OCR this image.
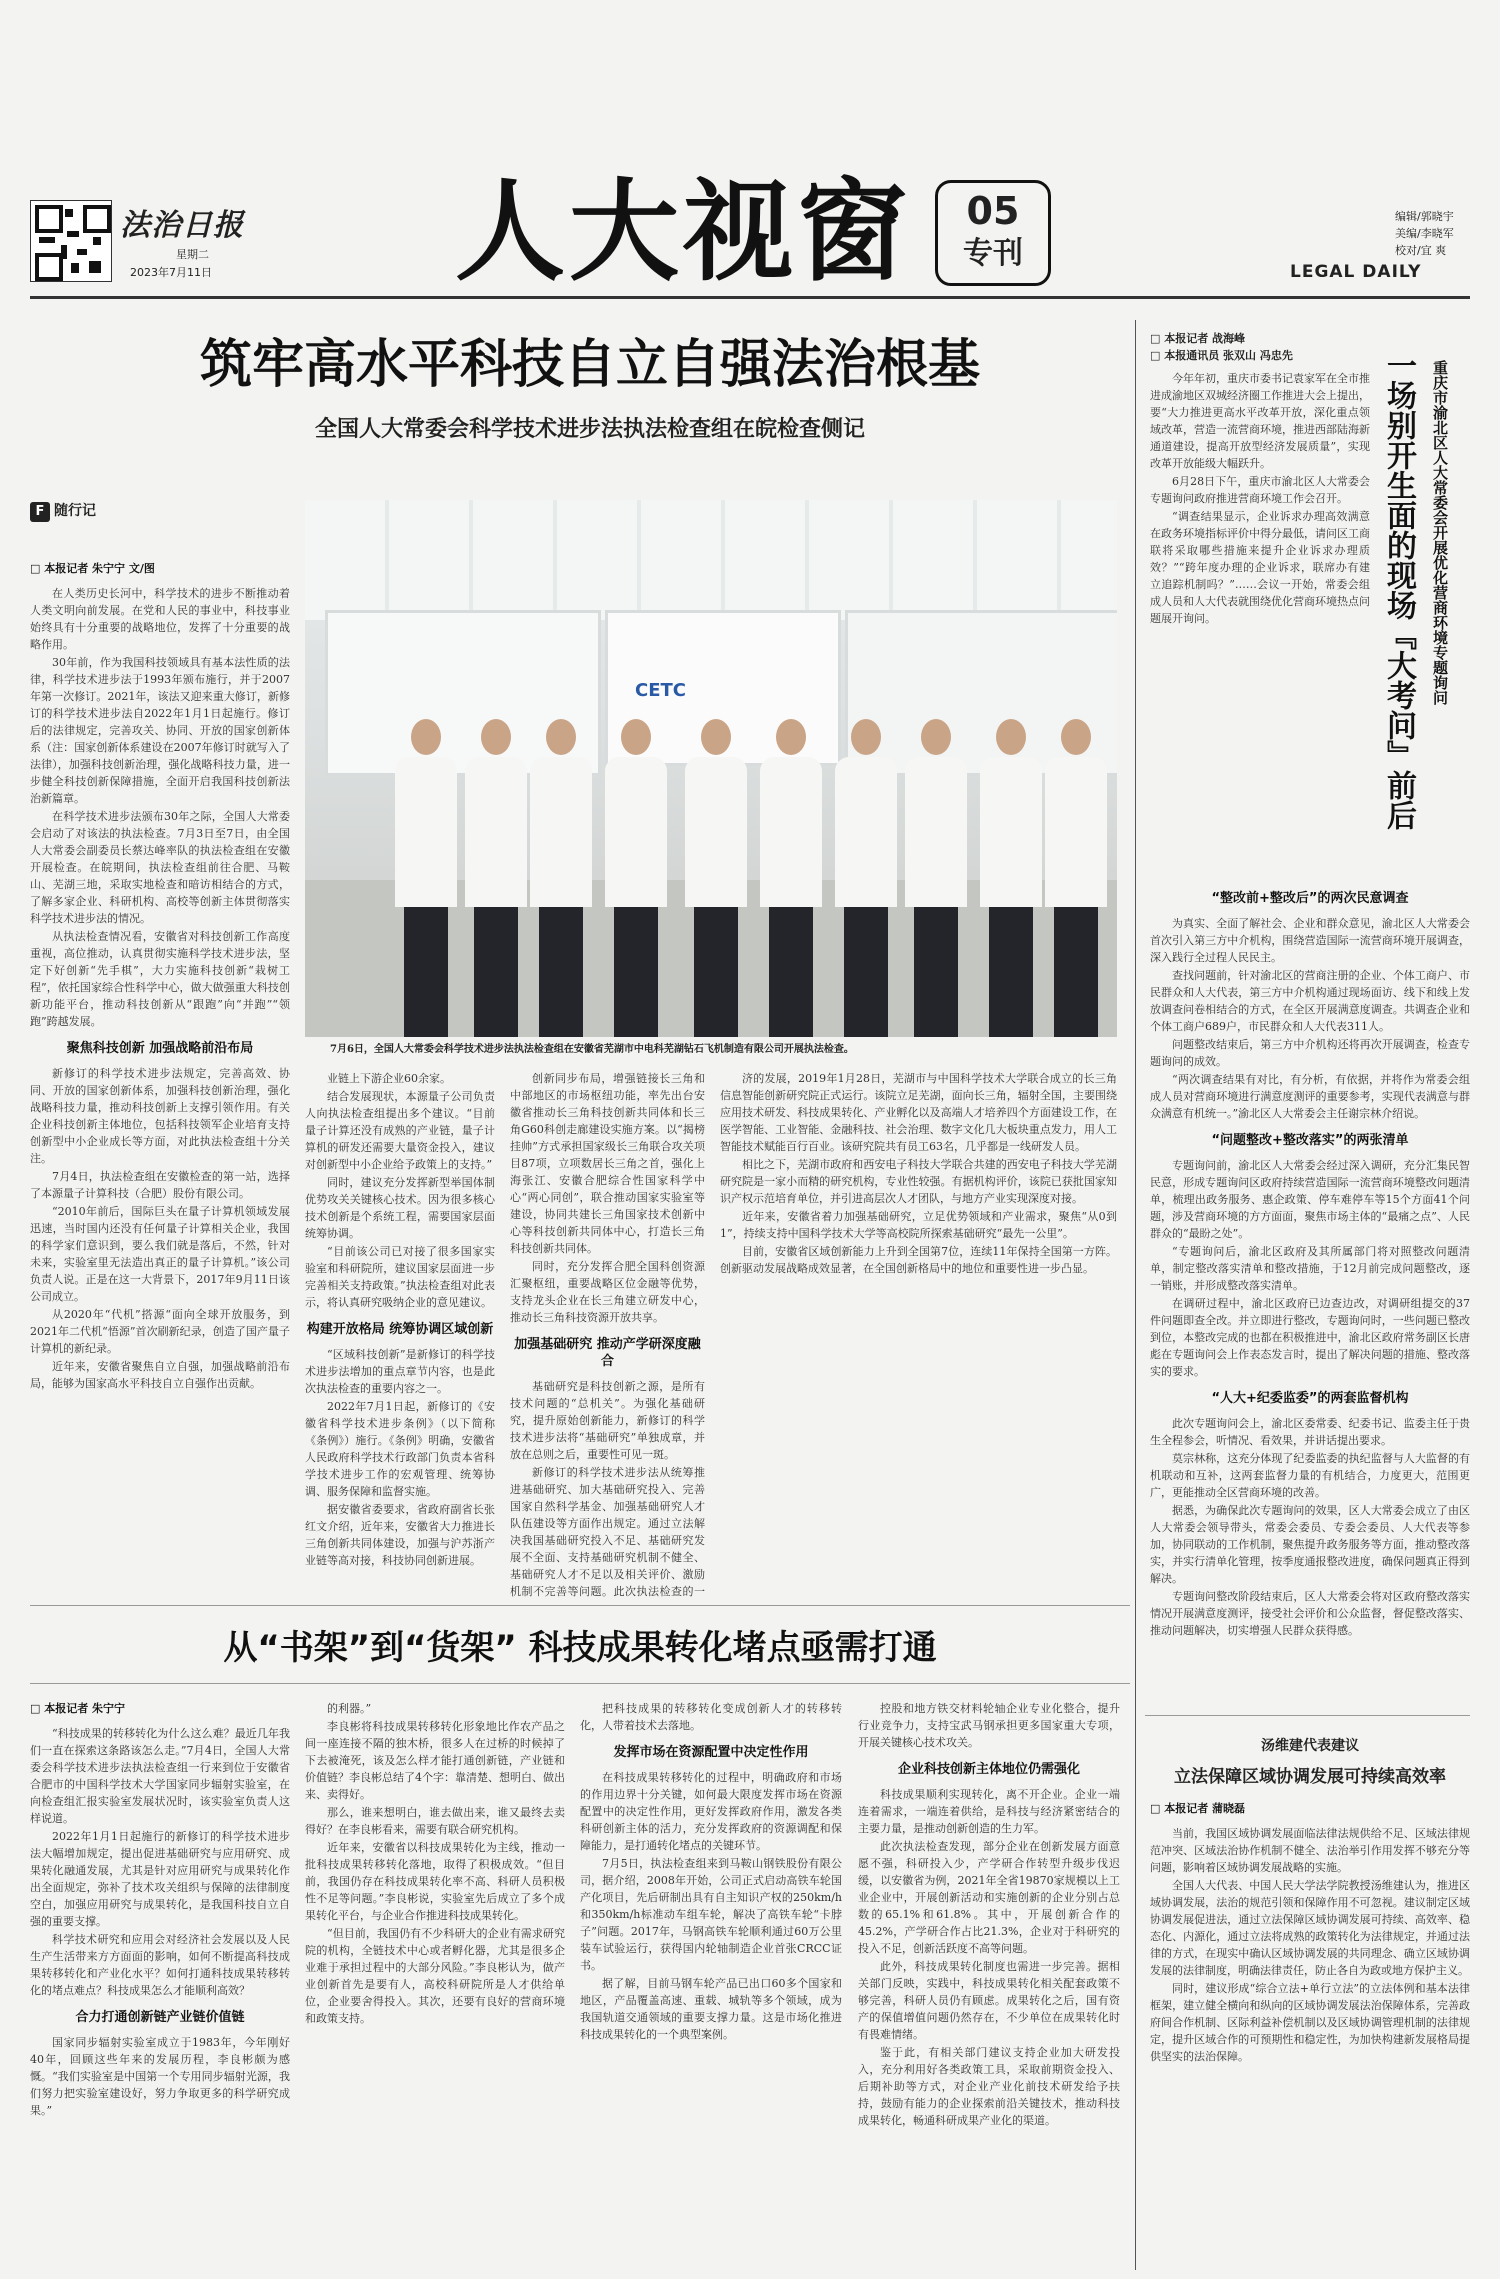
法治日报
星期二
2023年7月11日 人大视窗	05
专刊
编辑/郭晓宇
美编/李晓军
校对/宜 爽
LEGAL DAILY
筑牢高水平科技自立自强法治根基
全国人大常委会科学技术进步法执法检查组在皖检查侧记
F 随行记
□ 本报记者 朱宁宁 文/图

在人类历史长河中，科学技术的进步不断推动着人类文明向前发展。在党和人民的事业中，科技事业始终具有十分重要的战略地位，发挥了十分重要的战略作用。

30年前，作为我国科技领域具有基本法性质的法律，科学技术进步法于1993年颁布施行，并于2007年第一次修订。2021年，该法又迎来重大修订，新修订的科学技术进步法自2022年1月1日起施行。修订后的法律规定，完善攻关、协同、开放的国家创新体系（注：国家创新体系建设在2007年修订时就写入了法律），加强科技创新治理，强化战略科技力量，进一步健全科技创新保障措施，全面开启我国科技创新法治新篇章。

在科学技术进步法颁布30年之际，全国人大常委会启动了对该法的执法检查。7月3日至7日，由全国人大常委会副委员长蔡达峰率队的执法检查组在安徽开展检查。在皖期间，执法检查组前往合肥、马鞍山、芜湖三地，采取实地检查和暗访相结合的方式，了解多家企业、科研机构、高校等创新主体贯彻落实科学技术进步法的情况。

从执法检查情况看，安徽省对科技创新工作高度重视，高位推动，认真贯彻实施科学技术进步法，坚定下好创新“先手棋”，大力实施科技创新“栽树工程”，依托国家综合性科学中心，做大做强重大科技创新功能平台，推动科技创新从“跟跑”向“并跑”“领跑”跨越发展。

聚焦科技创新 加强战略前沿布局

新修订的科学技术进步法规定，完善高效、协同、开放的国家创新体系，加强科技创新治理，强化战略科技力量，推动科技创新上支撑引领作用。有关企业科技创新主体地位，包括科技领军企业培育支持创新型中小企业成长等方面，对此执法检查组十分关注。

7月4日，执法检查组在安徽检查的第一站，选择了本源量子计算科技（合肥）股份有限公司。

“2010年前后，国际巨头在量子计算机领域发展迅速，当时国内还没有任何量子计算相关企业，我国的科学家们意识到，要么我们就是落后，不然，针对未来，实验室里无法造出真正的量子计算机。”该公司负责人说。正是在这一大背景下，2017年9月11日该公司成立。

从2020年“代机”搭源“面向全球开放服务，到2021年二代机“悟源”首次刷新纪录，创造了国产量子计算机的新纪录。

近年来，安徽省聚焦自立自强，加强战略前沿布局，能够为国家高水平科技自立自强作出贡献。

CETC
7月6日，全国人大常委会科学技术进步法执法检查组在安徽省芜湖市中电科芜湖钻石飞机制造有限公司开展执法检查。

业链上下游企业60余家。

结合发展现状，本源量子公司负责人向执法检查组提出多个建议。“目前量子计算还没有成熟的产业链，量子计算机的研发还需要大量资金投入，建议对创新型中小企业给予政策上的支持。”

同时，建议充分发挥新型举国体制优势攻关关键核心技术。因为很多核心技术创新是个系统工程，需要国家层面统筹协调。

“目前该公司已对接了很多国家实验室和科研院所，建议国家层面进一步完善相关支持政策。”执法检查组对此表示，将认真研究吸纳企业的意见建议。

构建开放格局 统筹协调区域创新

“区域科技创新”是新修订的科学技术进步法增加的重点章节内容，也是此次执法检查的重要内容之一。

2022年7月1日起，新修订的《安徽省科学技术进步条例》（以下简称《条例》）施行。《条例》明确，安徽省人民政府科学技术行政部门负责本省科学技术进步工作的宏观管理、统筹协调、服务保障和监督实施。

据安徽省委要求，省政府副省长张红文介绍，近年来，安徽省大力推进长三角创新共同体建设，加强与沪苏浙产业链等高对接，科技协同创新进展。

创新同步布局，增强链接长三角和中部地区的市场枢纽功能，率先出台安徽省推动长三角科技创新共同体和长三角G60科创走廊建设实施方案。以“揭榜挂帅”方式承担国家级长三角联合攻关项目87项，立项数居长三角之首，强化上海张江、安徽合肥综合性国家科学中心“两心同创”，联合推动国家实验室等建设，协同共建长三角国家技术创新中心等科技创新共同体中心，打造长三角科技创新共同体。

同时，充分发挥合肥全国科创资源汇聚枢纽，重要战略区位金融等优势，支持龙头企业在长三角建立研发中心，推动长三角科技资源开放共享。

加强基础研究 推动产学研深度融合

基础研究是科技创新之源，是所有技术问题的“总机关”。为强化基础研究，提升原始创新能力，新修订的科学技术进步法将“基础研究”单独成章，并放在总则之后，重要性可见一斑。

新修订的科学技术进步法从统筹推进基础研究、加大基础研究投入、完善国家自然科学基金、加强基础研究人才队伍建设等方面作出规定。通过立法解决我国基础研究投入不足、基础研究发展不全面、支持基础研究机制不健全、基础研究人才不足以及相关评价、激励机制不完善等问题。此次执法检查的一

济的发展，2019年1月28日，芜湖市与中国科学技术大学联合成立的长三角信息智能创新研究院正式运行。该院立足芜湖，面向长三角，辐射全国，主要围绕应用技术研发、科技成果转化、产业孵化以及高端人才培养四个方面建设工作，在医学智能、工业智能、金融科技、社会治理、数字文化几大板块重点发力，用人工智能技术赋能百行百业。该研究院共有员工63名，几乎都是一线研发人员。

相比之下，芜湖市政府和西安电子科技大学联合共建的西安电子科技大学芜湖研究院是一家小而精的研究机构，专业性较强。有据机构评价，该院已获批国家知识产权示范培育单位，并引进高层次人才团队，与地方产业实现深度对接。

近年来，安徽省着力加强基础研究，立足优势领域和产业需求，聚焦“从0到1”，持续支持中国科学技术大学等高校院所探索基础研究“最先一公里”。

目前，安徽省区域创新能力上升到全国第7位，连续11年保持全国第一方阵。创新驱动发展战略成效显著，在全国创新格局中的地位和重要性进一步凸显。

从“书架”到“货架” 科技成果转化堵点亟需打通
□ 本报记者 朱宁宁

“科技成果的转移转化为什么这么难？最近几年我们一直在探索这条路该怎么走。”7月4日，全国人大常委会科学技术进步法执法检查组一行来到位于安徽省合肥市的中国科学技术大学国家同步辐射实验室，在向检查组汇报实验室发展状况时，该实验室负责人这样说道。

2022年1月1日起施行的新修订的科学技术进步法大幅增加规定，提出促进基础研究与应用研究、成果转化融通发展，尤其是针对应用研究与成果转化作出全面规定，弥补了技术攻关组织与保障的法律制度空白，加强应用研究与成果转化，是我国科技自立自强的重要支撑。

科学技术研究和应用会对经济社会发展以及人民生产生活带来方方面面的影响，如何不断提高科技成果转移转化和产业化水平？如何打通科技成果转移转化的堵点难点？科技成果怎么才能顺利高效？

合力打通创新链产业链价值链

国家同步辐射实验室成立于1983年，今年刚好40年，回顾这些年来的发展历程，李良彬颇为感慨。“我们实验室是中国第一个专用同步辐射光源，我们努力把实验室建设好，努力争取更多的科学研究成果。”

的利器。”

李良彬将科技成果转移转化形象地比作农产品之间一座连接不隔的独木桥，很多人在过桥的时候掉了下去被淹死，该及怎么样才能打通创新链，产业链和价值链？李良彬总结了4个字：靠清楚、想明白、做出来、卖得好。

那么，谁来想明白，谁去做出来，谁又最终去卖得好？在李良彬看来，需要有联合研究机构。

近年来，安徽省以科技成果转化为主线，推动一批科技成果转移转化落地，取得了积极成效。“但目前，我国仍存在科技成果转化率不高、科研人员积极性不足等问题。”李良彬说，实验室先后成立了多个成果转化平台，与企业合作推进科技成果转化。

“但目前，我国仍有不少科研大的企业有需求研究院的机构，全链技术中心或者孵化器，尤其是很多企业难于承担过程中的大部分风险。”李良彬认为，做产业创新首先是要有人，高校科研院所是人才供给单位，企业要舍得投入。其次，还要有良好的营商环境和政策支持。

把科技成果的转移转化变成创新人才的转移转化，人带着技术去落地。

发挥市场在资源配置中决定性作用

在科技成果转移转化的过程中，明确政府和市场的作用边界十分关键，如何最大限度发挥市场在资源配置中的决定性作用，更好发挥政府作用，激发各类科研创新主体的活力，充分发挥政府的资源调配和保障能力，是打通转化堵点的关键环节。

7月5日，执法检查组来到马鞍山钢铁股份有限公司，据介绍，2008年开始，公司正式启动高铁车轮国产化项目，先后研制出具有自主知识产权的250km/h和350km/h标准动车组车轮，解决了高铁车轮“卡脖子”问题。2017年，马钢高铁车轮顺利通过60万公里装车试验运行，获得国内轮轴制造企业首张CRCC证书。

据了解，目前马钢车轮产品已出口60多个国家和地区，产品覆盖高速、重载、城轨等多个领域，成为我国轨道交通领域的重要支撑力量。这是市场化推进科技成果转化的一个典型案例。

控股和地方铁交材料轮轴企业专业化整合，提升行业竞争力，支持宝武马钢承担更多国家重大专项，开展关键核心技术攻关。

企业科技创新主体地位仍需强化

科技成果顺利实现转化，离不开企业。企业一端连着需求，一端连着供给，是科技与经济紧密结合的主要力量，是推动创新创造的生力军。

此次执法检查发现，部分企业在创新发展方面意愿不强，科研投入少，产学研合作转型升级步伐迟缓，以安徽省为例，2021年全省19870家规模以上工业企业中，开展创新活动和实施创新的企业分别占总数的65.1%和61.8%。其中，开展创新合作的45.2%，产学研合作占比21.3%，企业对于科研究的投入不足，创新活跃度不高等问题。

此外，科技成果转化制度也需进一步完善。据相关部门反映，实践中，科技成果转化相关配套政策不够完善，科研人员仍有顾虑。成果转化之后，国有资产的保值增值问题仍然存在，不少单位在成果转化时有畏难情绪。

鉴于此，有相关部门建议支持企业加大研发投入，充分利用好各类政策工具，采取前期资金投入、后期补助等方式，对企业产业化前技术研发给予扶持，鼓励有能力的企业探索前沿关键技术，推动科技成果转化，畅通科研成果产业化的渠道。

□ 本报记者 战海峰
□ 本报通讯员 张双山 冯忠先

今年年初，重庆市委书记袁家军在全市推进成渝地区双城经济圈工作推进大会上提出，要“大力推进更高水平改革开放，深化重点领域改革，营造一流营商环境，推进西部陆海新通道建设，提高开放型经济发展质量”，实现改革开放能级大幅跃升。

6月28日下午，重庆市渝北区人大常委会专题询问政府推进营商环境工作会召开。

“调查结果显示，企业诉求办理高效满意在政务环境指标评价中得分最低，请问区工商联将采取哪些措施来提升企业诉求办理质效？”“跨年度办理的企业诉求，联席办有建立追踪机制吗？”……会议一开始，常委会组成人员和人大代表就围绕优化营商环境热点问题展开询问。	一场别开生面的现场『大考问』前后 重庆市渝北区人大常委会开展优化营商环境专题询问
“整改前+整改后”的两次民意调查

为真实、全面了解社会、企业和群众意见，渝北区人大常委会首次引入第三方中介机构，围绕营造国际一流营商环境开展调查，深入践行全过程人民民主。

查找问题前，针对渝北区的营商注册的企业、个体工商户、市民群众和人大代表，第三方中介机构通过现场面访、线下和线上发放调查问卷相结合的方式，在全区开展满意度调查。共调查企业和个体工商户689户，市民群众和人大代表311人。

问题整改结束后，第三方中介机构还将再次开展调查，检查专题询问的成效。

“两次调查结果有对比，有分析，有依据，并将作为常委会组成人员对营商环境进行满意度测评的重要参考，实现代表满意与群众满意有机统一。”渝北区人大常委会主任谢宗林介绍说。

“问题整改+整改落实”的两张清单

专题询问前，渝北区人大常委会经过深入调研，充分汇集民智民意，形成专题询问区政府持续营造国际一流营商环境整改问题清单，梳理出政务服务、惠企政策、停车难停车等15个方面41个问题，涉及营商环境的方方面面，聚焦市场主体的“最痛之点”、人民群众的“最盼之处”。

“专题询问后，渝北区政府及其所属部门将对照整改问题清单，制定整改落实清单和整改措施，于12月前完成问题整改，逐一销账，并形成整改落实清单。

在调研过程中，渝北区政府已边查边改，对调研组提交的37件问题即查全改。并立即进行整改，专题询问时，一些问题已整改到位，本整改完成的也都在积极推进中，渝北区政府常务副区长唐彪在专题询问会上作表态发言时，提出了解决问题的措施、整改落实的要求。

“人大+纪委监委”的两套监督机构

此次专题询问会上，渝北区委常委、纪委书记、监委主任于贵生全程参会，听情况、看效果，并讲话提出要求。

莫宗林称，这充分体现了纪委监委的执纪监督与人大监督的有机联动和互补，这两套监督力量的有机结合，力度更大，范围更广，更能推动全区营商环境的改善。

据悉，为确保此次专题询问的效果，区人大常委会成立了由区人大常委会领导带头，常委会委员、专委会委员、人大代表等参加，协同联动的工作机制，聚焦提升政务服务等方面，推动整改落实，并实行清单化管理，按季度通报整改进度，确保问题真正得到解决。

专题询问整改阶段结束后，区人大常委会将对区政府整改落实情况开展满意度测评，接受社会评价和公众监督，督促整改落实、推动问题解决，切实增强人民群众获得感。

汤维建代表建议
立法保障区域协调发展可持续高效率
□ 本报记者 蒲晓磊

当前，我国区域协调发展面临法律法规供给不足、区域法律规范冲突、区域法治协作机制不健全、法治举引作用发挥不够充分等问题，影响着区域协调发展战略的实施。

全国人大代表、中国人民大学法学院教授汤维建认为，推进区域协调发展，法治的规范引领和保障作用不可忽视。建议制定区域协调发展促进法，通过立法保障区域协调发展可持续、高效率、稳态化、内源化，通过立法将成熟的政策转化为法律规定，并通过法律的方式，在现实中确认区域协调发展的共同理念、确立区域协调发展的法律制度，明确法律责任，防止各自为政或地方保护主义。

同时，建议形成“综合立法+单行立法”的立法体例和基本法律框架，建立健全横向和纵向的区域协调发展法治保障体系，完善政府间合作机制、区际利益补偿机制以及区域协调管理机制的法律规定，提升区域合作的可预期性和稳定性，为加快构建新发展格局提供坚实的法治保障。
